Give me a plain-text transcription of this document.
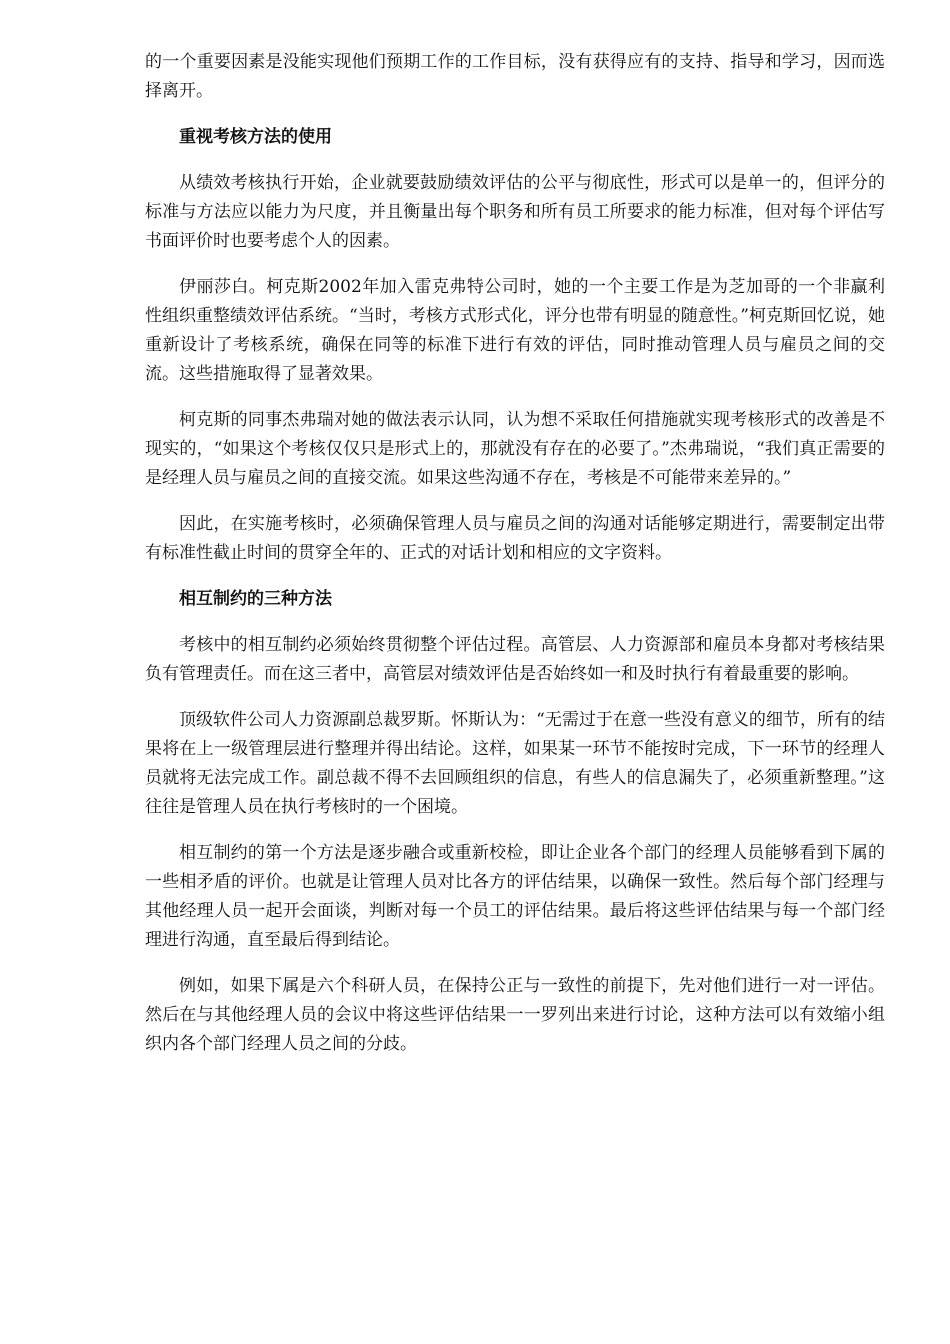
的一个重要因素是没能实现他们预期工作的工作目标，没有获得应有的支持、指导和学习，因而选择离开。

重视考核方法的使用

从绩效考核执行开始，企业就要鼓励绩效评估的公平与彻底性，形式可以是单一的，但评分的标准与方法应以能力为尺度，并且衡量出每个职务和所有员工所要求的能力标准，但对每个评估写书面评价时也要考虑个人的因素。

伊丽莎白。柯克斯2002年加入雷克弗特公司时，她的一个主要工作是为芝加哥的一个非赢利性组织重整绩效评估系统。“当时，考核方式形式化，评分也带有明显的随意性。”柯克斯回忆说，她重新设计了考核系统，确保在同等的标准下进行有效的评估，同时推动管理人员与雇员之间的交流。这些措施取得了显著效果。

柯克斯的同事杰弗瑞对她的做法表示认同，认为想不采取任何措施就实现考核形式的改善是不现实的，“如果这个考核仅仅只是形式上的，那就没有存在的必要了。”杰弗瑞说，“我们真正需要的是经理人员与雇员之间的直接交流。如果这些沟通不存在，考核是不可能带来差异的。”

因此，在实施考核时，必须确保管理人员与雇员之间的沟通对话能够定期进行，需要制定出带有标准性截止时间的贯穿全年的、正式的对话计划和相应的文字资料。

相互制约的三种方法

考核中的相互制约必须始终贯彻整个评估过程。高管层、人力资源部和雇员本身都对考核结果负有管理责任。而在这三者中，高管层对绩效评估是否始终如一和及时执行有着最重要的影响。

顶级软件公司人力资源副总裁罗斯。怀斯认为：“无需过于在意一些没有意义的细节，所有的结果将在上一级管理层进行整理并得出结论。这样，如果某一环节不能按时完成，下一环节的经理人员就将无法完成工作。副总裁不得不去回顾组织的信息，有些人的信息漏失了，必须重新整理。”这往往是管理人员在执行考核时的一个困境。

相互制约的第一个方法是逐步融合或重新校检，即让企业各个部门的经理人员能够看到下属的一些相矛盾的评价。也就是让管理人员对比各方的评估结果，以确保一致性。然后每个部门经理与其他经理人员一起开会面谈，判断对每一个员工的评估结果。最后将这些评估结果与每一个部门经理进行沟通，直至最后得到结论。

例如，如果下属是六个科研人员，在保持公正与一致性的前提下，先对他们进行一对一评估。然后在与其他经理人员的会议中将这些评估结果一一罗列出来进行讨论，这种方法可以有效缩小组织内各个部门经理人员之间的分歧。
